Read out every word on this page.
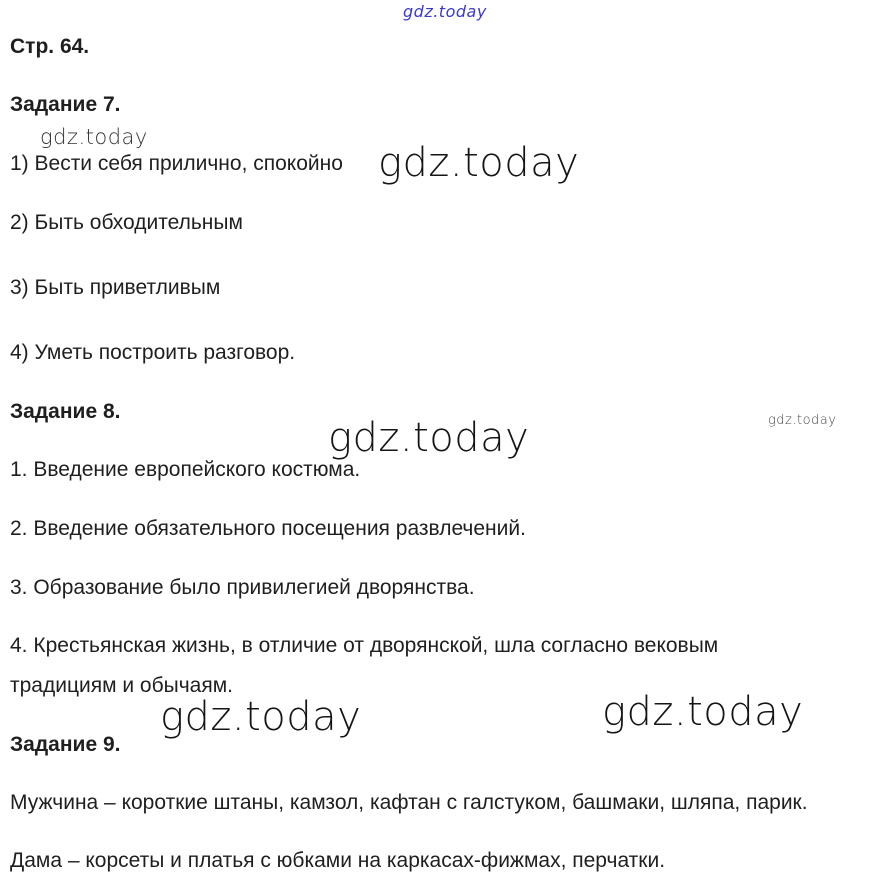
gdz.today
Стр. 64.
Задание 7.
gdz.today
1) Вести себя прилично, спокойно gdz.today
2) Быть обходительным
3) Быть приветливым
4) Уметь построить разговор.
Задание 8.	gdz.today
gdz.today
1. Введение европейского костюма.
2. Введение обязательного посещения развлечений.
3. Образование было привилегией дворянства.
4. Крестьянская жизнь, в отличие от дворянской, шла согласно вековым
традициям и обычаям.
gdz.today	gdz.today
Задание 9.
Мужчина – короткие штаны, камзол, кафтан с галстуком, башмаки, шляпа, парик.
Дама – корсеты и платья с юбками на каркасах-фижмах, перчатки.
